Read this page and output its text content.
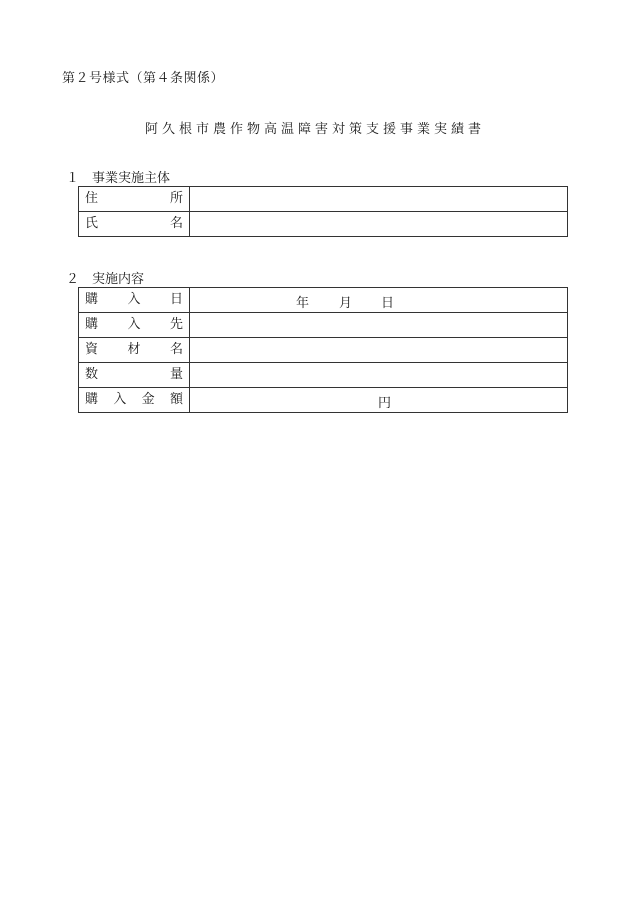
第２号様式（第４条関係）
阿久根市農作物高温障害対策支援事業実績書
１ 事業実施主体
住所	

氏名	

２ 実施内容
購入日	年 月 日

購入先	

資材名	

数量	

購入金額	円
